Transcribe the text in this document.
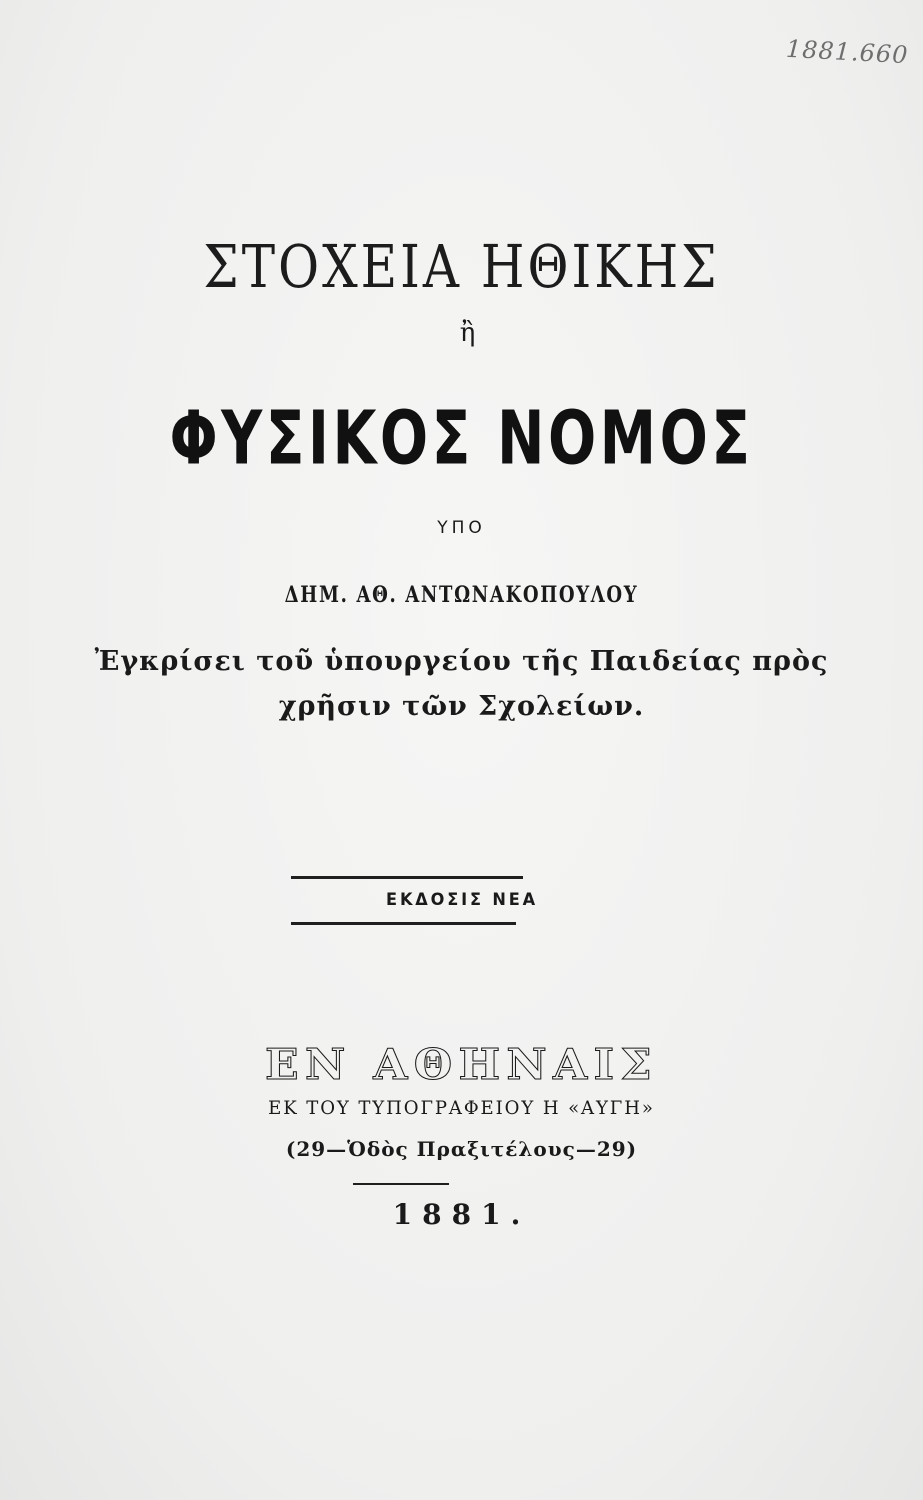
1881.660
ΣΤΟΧΕΙΑ ΗΘΙΚΗΣ
ἢ
ΦΥΣΙΚΟΣ ΝΟΜΟΣ
ΥΠΟ
ΔΗΜ. ΑΘ. ΑΝΤΩΝΑΚΟΠΟΥΛΟΥ
Ἐγκρίσει τοῦ ὑπουργείου τῆς Παιδείας πρὸς
χρῆσιν τῶν Σχολείων.
ΕΚΔΟΣΙΣ ΝΕΑ
ΕΝ ΑΘΗΝΑΙΣ
ΕΚ ΤΟΥ ΤΥΠΟΓΡΑΦΕΙΟΥ Η «ΑΥΓΗ»
(29—Ὁδὸς Πραξιτέλους—29)
1881.
